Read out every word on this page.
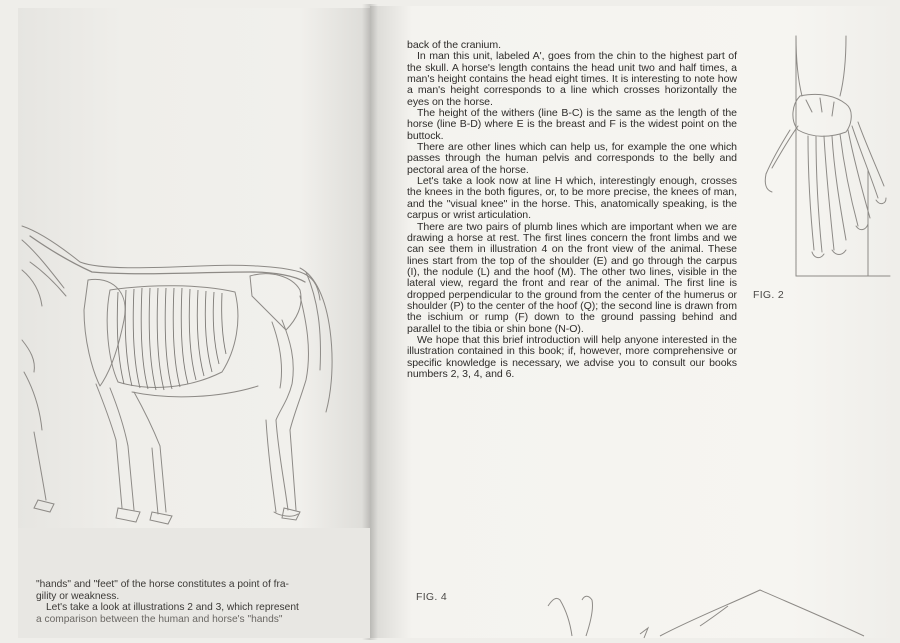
back of the cranium.

In man this unit, labeled A', goes from the chin to the highest part of the skull. A horse's length contains the head unit two and half times, a man's height contains the head eight times. It is interesting to note how a man's height corresponds to a line which crosses horizontally the eyes on the horse.

The height of the withers (line B-C) is the same as the length of the horse (line B-D) where E is the breast and F is the widest point on the buttock.

There are other lines which can help us, for example the one which passes through the human pelvis and corresponds to the belly and pectoral area of the horse.

Let's take a look now at line H which, interestingly enough, crosses the knees in the both figures, or, to be more precise, the knees of man, and the "visual knee" in the horse. This, anatomically speaking, is the carpus or wrist articulation.

There are two pairs of plumb lines which are important when we are drawing a horse at rest. The first lines concern the front limbs and we can see them in illustration 4 on the front view of the animal. These lines start from the top of the shoulder (E) and go through the carpus (I), the nodule (L) and the hoof (M). The other two lines, visible in the lateral view, regard the front and rear of the animal. The first line is dropped perpendicular to the ground from the center of the humerus or shoulder (P) to the center of the hoof (Q); the second line is drawn from the ischium or rump (F) down to the ground passing behind and parallel to the tibia or shin bone (N-O).

We hope that this brief introduction will help anyone interested in the illustration contained in this book; if, however, more comprehensive or specific knowledge is necessary, we advise you to consult our books numbers 2, 3, 4, and 6.

FIG. 2
FIG. 4

"hands" and "feet" of the horse constitutes a point of fra-

gility or weakness.

Let's take a look at illustrations 2 and 3, which represent

a comparison between the human and horse's "hands"
